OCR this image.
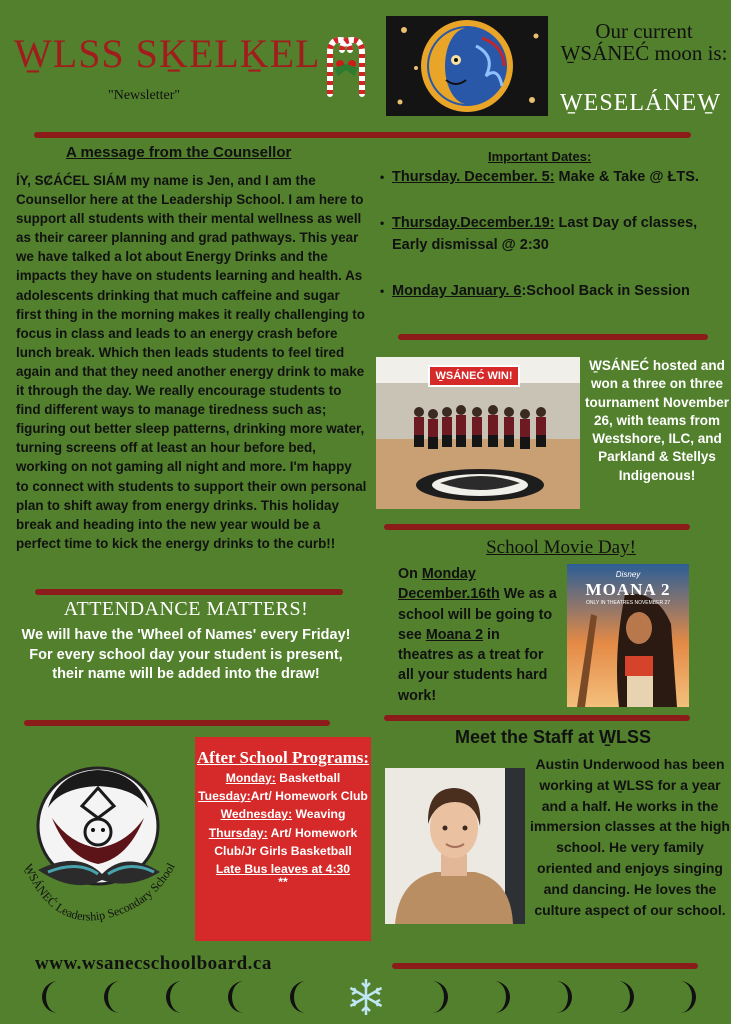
W̱LSS SḴELḴEL
"Newsletter"
Our current W̱SÁNEĆ moon is:
W̱ESELÁNEW̱
A message from the Counsellor
ÍY, SȻÁĆEL SIÁM my name is Jen, and I am the Counsellor here at the Leadership School. I am here to support all students with their mental wellness as well as their career planning and grad pathways. This year we have talked a lot about Energy Drinks and the impacts they have on students learning and health. As adolescents drinking that much caffeine and sugar first thing in the morning makes it really challenging to focus in class and leads to an energy crash before lunch break. Which then leads students to feel tired again and that they need another energy drink to make it through the day. We really encourage students to find different ways to manage tiredness such as; figuring out better sleep patterns, drinking more water, turning screens off at least an hour before bed, working on not gaming all night and more. I'm happy to connect with students to support their own personal plan to shift away from energy drinks. This holiday break and heading into the new year would be a perfect time to kick the energy drinks to the curb!!
Important Dates:
• Thursday. December. 5: Make & Take @ ŁTS.
• Thursday.December.19: Last Day of classes, Early dismissal @ 2:30
• Monday January. 6:School Back in Session
W̱SÁNEĆ WIN!
W̱SÁNEĆ hosted and won a three on three tournament November 26, with teams from Westshore, ILC, and Parkland & Stellys Indigenous!
School Movie Day!
On Monday December.16th We as a school will be going to see Moana 2 in theatres as a treat for all your students hard work!
Disney
MOANA 2
ONLY IN THEATRES NOVEMBER 27
ATTENDANCE MATTERS!
We will have the 'Wheel of Names' every Friday! For every school day your student is present, their name will be added into the draw!
Meet the Staff at W̱LSS
Austin Underwood has been working at W̱LSS for a year and a half. He works in the immersion classes at the high school. He very family oriented and enjoys singing and dancing. He loves the culture aspect of our school.
W̱SÁNEĆ Leadership Secondary School
After School Programs:
Monday: Basketball
Tuesday:Art/ Homework Club
Wednesday: Weaving
Thursday: Art/ Homework Club/Jr Girls Basketball
Late Bus leaves at 4:30
**
www.wsanecschoolboard.ca
